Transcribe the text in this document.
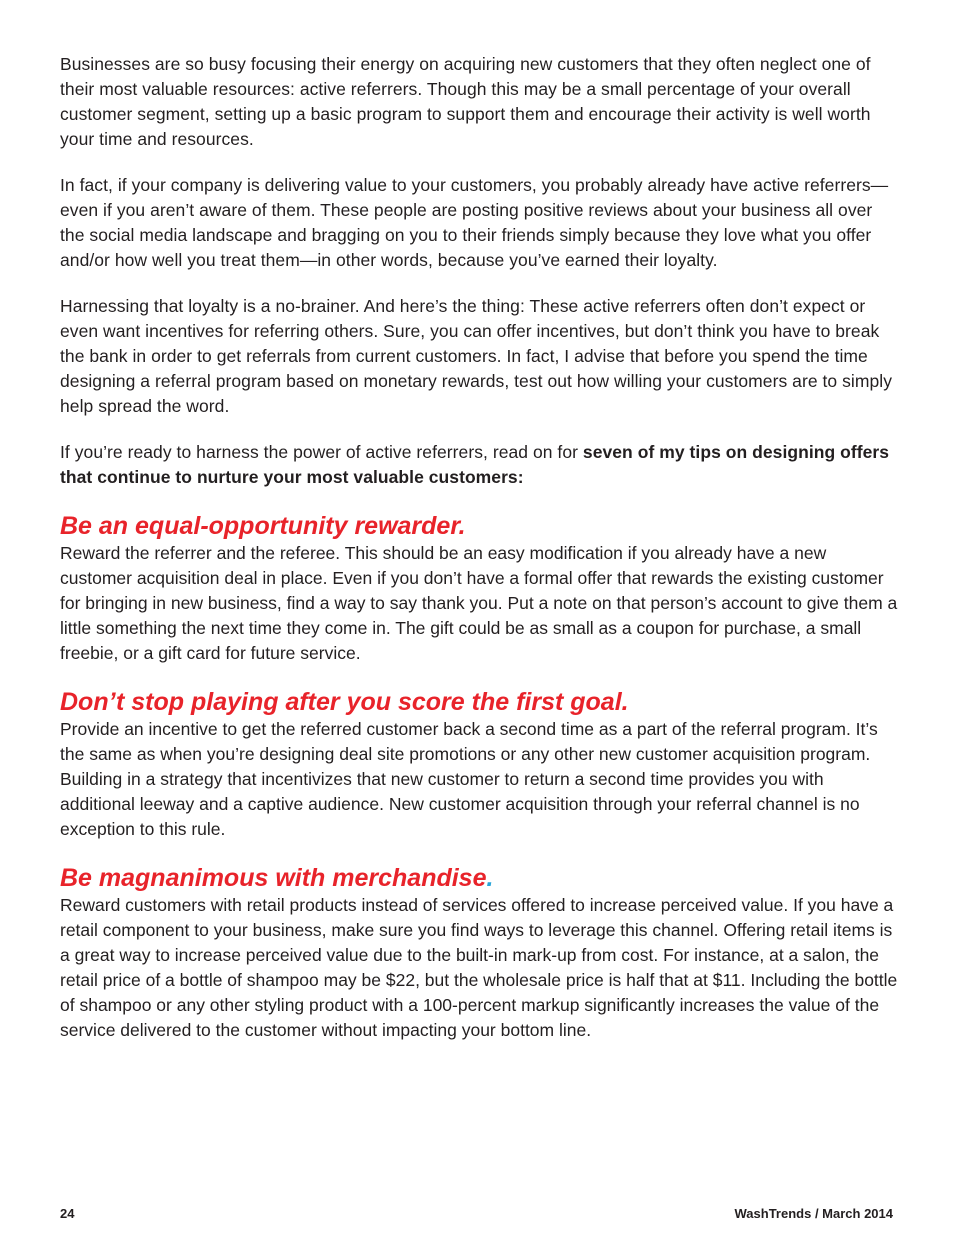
Businesses are so busy focusing their energy on acquiring new customers that they often neglect one of their most valuable resources: active referrers. Though this may be a small percentage of your overall customer segment, setting up a basic program to support them and encourage their activity is well worth your time and resources.

In fact, if your company is delivering value to your customers, you probably already have active referrers—even if you aren’t aware of them. These people are posting positive reviews about your business all over the social media landscape and bragging on you to their friends simply because they love what you offer and/or how well you treat them—in other words, because you’ve earned their loyalty.

Harnessing that loyalty is a no-brainer. And here’s the thing: These active referrers often don’t expect or even want incentives for referring others. Sure, you can offer incentives, but don’t think you have to break the bank in order to get referrals from current customers. In fact, I advise that before you spend the time designing a referral program based on monetary rewards, test out how willing your customers are to simply help spread the word.

If you’re ready to harness the power of active referrers, read on for seven of my tips on designing offers that continue to nurture your most valuable customers:

Be an equal-opportunity rewarder.

Reward the referrer and the referee. This should be an easy modification if you already have a new customer acquisition deal in place. Even if you don’t have a formal offer that rewards the existing customer for bringing in new business, find a way to say thank you. Put a note on that person’s account to give them a little something the next time they come in. The gift could be as small as a coupon for purchase, a small freebie, or a gift card for future service.

Don’t stop playing after you score the first goal.

Provide an incentive to get the referred customer back a second time as a part of the referral program. It’s the same as when you’re designing deal site promotions or any other new customer acquisition program. Building in a strategy that incentivizes that new customer to return a second time provides you with additional leeway and a captive audience. New customer acquisition through your referral channel is no exception to this rule.

Be magnanimous with merchandise.

Reward customers with retail products instead of services offered to increase perceived value. If you have a retail component to your business, make sure you find ways to leverage this channel. Offering retail items is a great way to increase perceived value due to the built-in mark-up from cost. For instance, at a salon, the retail price of a bottle of shampoo may be $22, but the wholesale price is half that at $11. Including the bottle of shampoo or any other styling product with a 100-percent markup significantly increases the value of the service delivered to the customer without impacting your bottom line.

24	WashTrends / March 2014
